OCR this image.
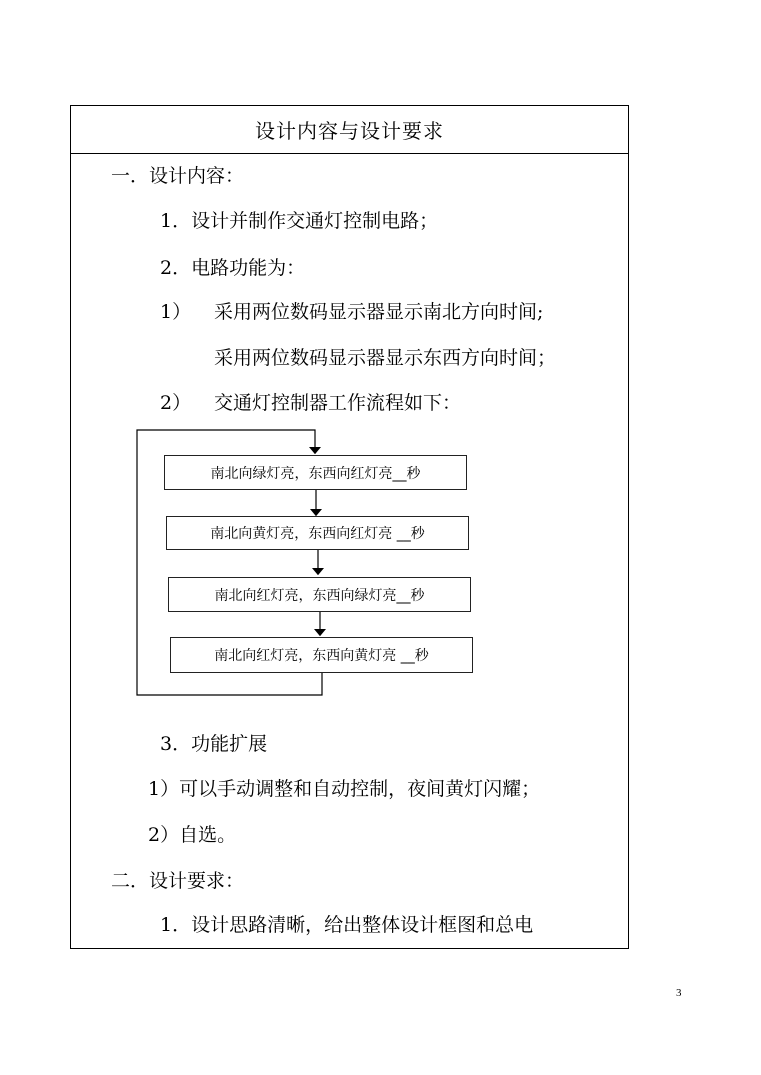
设计内容与设计要求
一．设计内容：
1．设计并制作交通灯控制电路；
2．电路功能为：
1） 采用两位数码显示器显示南北方向时间;
采用两位数码显示器显示东西方向时间；
2） 交通灯控制器工作流程如下：
南北向绿灯亮，东西向红灯亮__秒
南北向黄灯亮，东西向红灯亮 __秒
南北向红灯亮，东西向绿灯亮__秒
南北向红灯亮，东西向黄灯亮 __秒
3．功能扩展
1）可以手动调整和自动控制，夜间黄灯闪耀；
2）自选。
二．设计要求：
1．设计思路清晰，给出整体设计框图和总电
3
